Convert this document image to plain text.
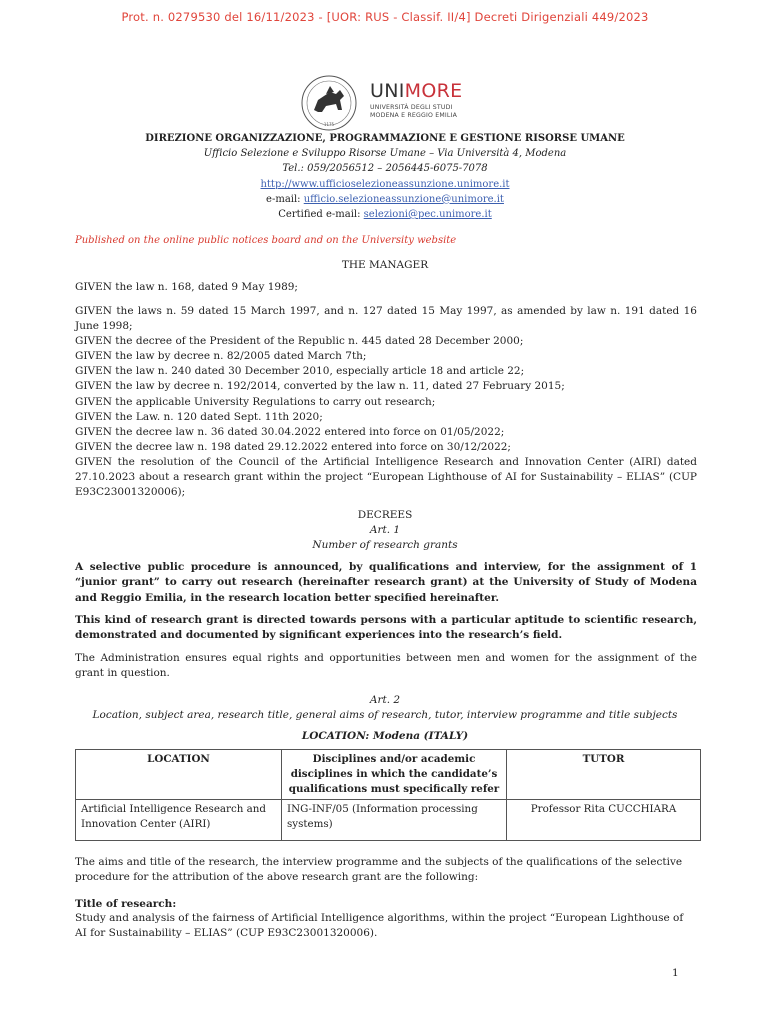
Prot. n. 0279530 del 16/11/2023 - [UOR: RUS - Classif. II/4] Decreti Dirigenziali 449/2023
1175
UNIMORE
UNIVERSITÀ DEGLI STUDI
MODENA E REGGIO EMILIA
DIREZIONE ORGANIZZAZIONE, PROGRAMMAZIONE E GESTIONE RISORSE UMANE
Ufficio Selezione e Sviluppo Risorse Umane – Via Università 4, Modena
Tel.: 059/2056512 – 2056445-6075-7078
http://www.ufficioselezioneassunzione.unimore.it
e-mail: ufficio.selezioneassunzione@unimore.it
Certified e-mail: selezioni@pec.unimore.it
Published on the online public notices board and on the University website
THE MANAGER
GIVEN the law n. 168, dated 9 May 1989;
GIVEN the laws n. 59 dated 15 March 1997, and n. 127 dated 15 May 1997, as amended by law n. 191 dated 16 June 1998;
GIVEN the decree of the President of the Republic n. 445 dated 28 December 2000;
GIVEN the law by decree n. 82/2005 dated March 7th;
GIVEN the law n. 240 dated 30 December 2010, especially article 18 and article 22;
GIVEN the law by decree n. 192/2014, converted by the law n. 11, dated 27 February 2015;
GIVEN the applicable University Regulations to carry out research;
GIVEN the Law. n. 120 dated Sept. 11th 2020;
GIVEN the decree law n. 36 dated 30.04.2022 entered into force on 01/05/2022;
GIVEN the decree law n. 198 dated 29.12.2022 entered into force on 30/12/2022;
GIVEN the resolution of the Council of the Artificial Intelligence Research and Innovation Center (AIRI) dated 27.10.2023 about a research grant within the project “European Lighthouse of AI for Sustainability – ELIAS” (CUP E93C23001320006);
DECREES
Art. 1
Number of research grants
A selective public procedure is announced, by qualifications and interview, for the assignment of 1 “junior grant” to carry out research (hereinafter research grant) at the University of Study of Modena and Reggio Emilia, in the research location better specified hereinafter.
This kind of research grant is directed towards persons with a particular aptitude to scientific research, demonstrated and documented by significant experiences into the research’s field.
The Administration ensures equal rights and opportunities between men and women for the assignment of the grant in question.
Art. 2
Location, subject area, research title, general aims of research, tutor, interview programme and title subjects
LOCATION: Modena (ITALY)
LOCATION	Disciplines and/or academic disciplines in which the candidate’s qualifications must specifically refer	TUTOR
Artificial Intelligence Research and Innovation Center (AIRI)	ING-INF/05 (Information processing systems)	Professor Rita CUCCHIARA
The aims and title of the research, the interview programme and the subjects of the qualifications of the selective procedure for the attribution of the above research grant are the following:
Title of research:
Study and analysis of the fairness of Artificial Intelligence algorithms, within the project “European Lighthouse of AI for Sustainability – ELIAS” (CUP E93C23001320006).
1
